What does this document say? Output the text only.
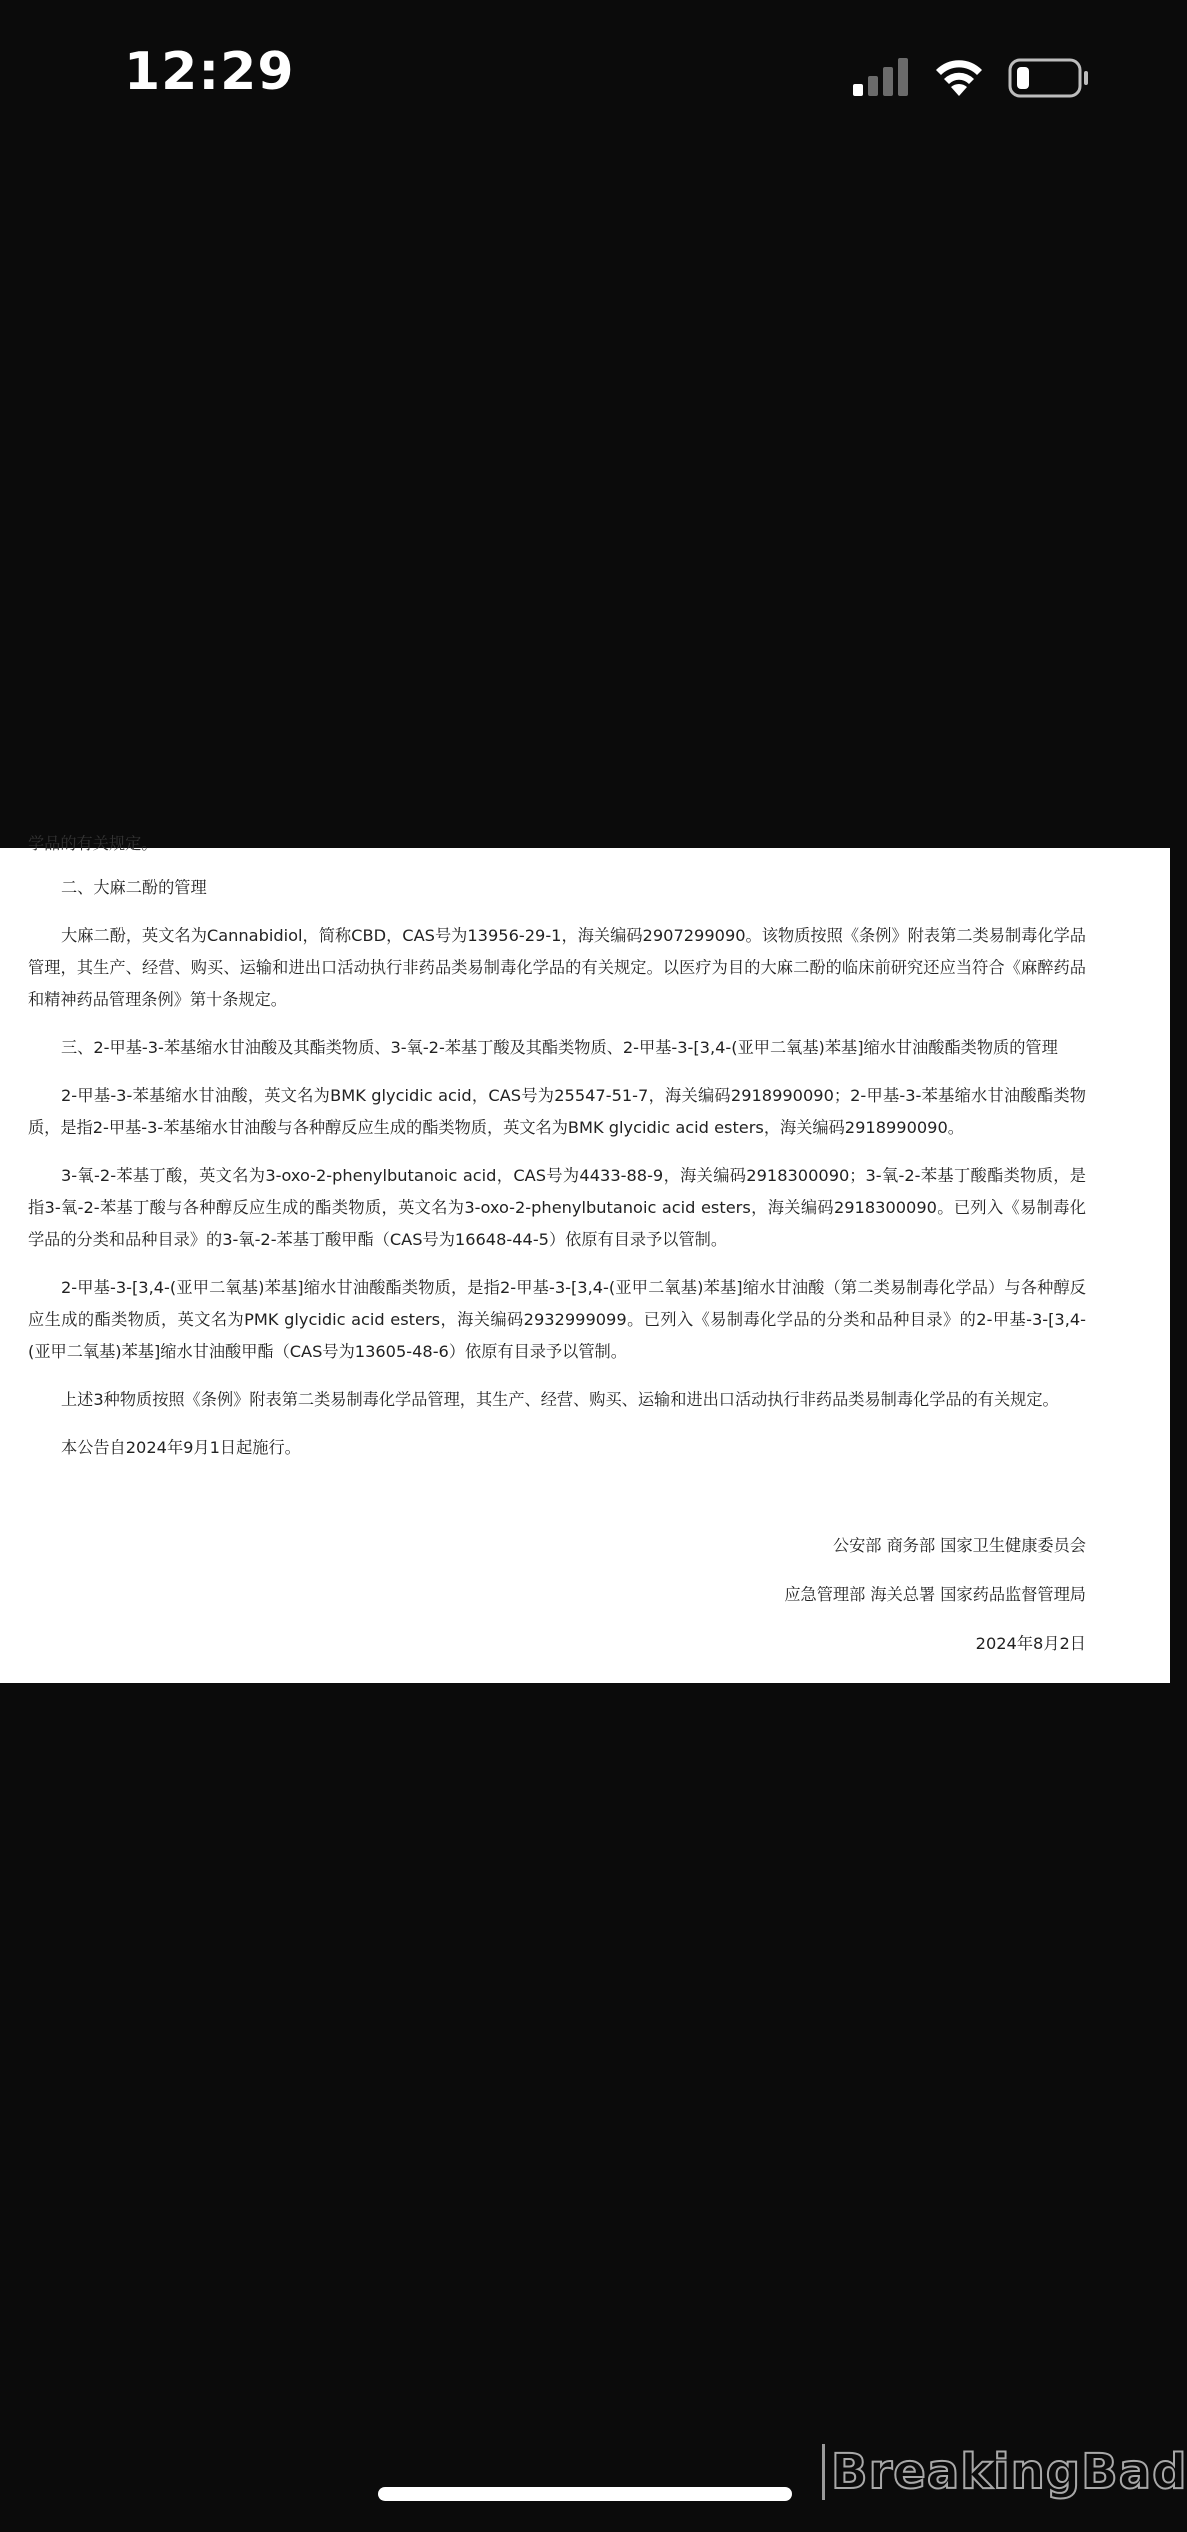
12:29
学品的有关规定。

二、大麻二酚的管理

大麻二酚，英文名为Cannabidiol，简称CBD，CAS号为13956-29-1，海关编码2907299090。该物质按照《条例》附表第二类易制毒化学品管理，其生产、经营、购买、运输和进出口活动执行非药品类易制毒化学品的有关规定。以医疗为目的大麻二酚的临床前研究还应当符合《麻醉药品和精神药品管理条例》第十条规定。

三、2-甲基-3-苯基缩水甘油酸及其酯类物质、3-氧-2-苯基丁酸及其酯类物质、2-甲基-3-[3,4-(亚甲二氧基)苯基]缩水甘油酸酯类物质的管理

2-甲基-3-苯基缩水甘油酸，英文名为BMK glycidic acid，CAS号为25547-51-7，海关编码2918990090；2-甲基-3-苯基缩水甘油酸酯类物质，是指2-甲基-3-苯基缩水甘油酸与各种醇反应生成的酯类物质，英文名为BMK glycidic acid esters，海关编码2918990090。

3-氧-2-苯基丁酸，英文名为3-oxo-2-phenylbutanoic acid，CAS号为4433-88-9，海关编码2918300090；3-氧-2-苯基丁酸酯类物质，是指3-氧-2-苯基丁酸与各种醇反应生成的酯类物质，英文名为3-oxo-2-phenylbutanoic acid esters，海关编码2918300090。已列入《易制毒化学品的分类和品种目录》的3-氧-2-苯基丁酸甲酯（CAS号为16648-44-5）依原有目录予以管制。

2-甲基-3-[3,4-(亚甲二氧基)苯基]缩水甘油酸酯类物质，是指2-甲基-3-[3,4-(亚甲二氧基)苯基]缩水甘油酸（第二类易制毒化学品）与各种醇反应生成的酯类物质，英文名为PMK glycidic acid esters，海关编码2932999099。已列入《易制毒化学品的分类和品种目录》的2-甲基-3-[3,4-(亚甲二氧基)苯基]缩水甘油酸甲酯（CAS号为13605-48-6）依原有目录予以管制。

上述3种物质按照《条例》附表第二类易制毒化学品管理，其生产、经营、购买、运输和进出口活动执行非药品类易制毒化学品的有关规定。

本公告自2024年9月1日起施行。

公安部 商务部 国家卫生健康委员会

应急管理部 海关总署 国家药品监督管理局

2024年8月2日

BreakingBad
